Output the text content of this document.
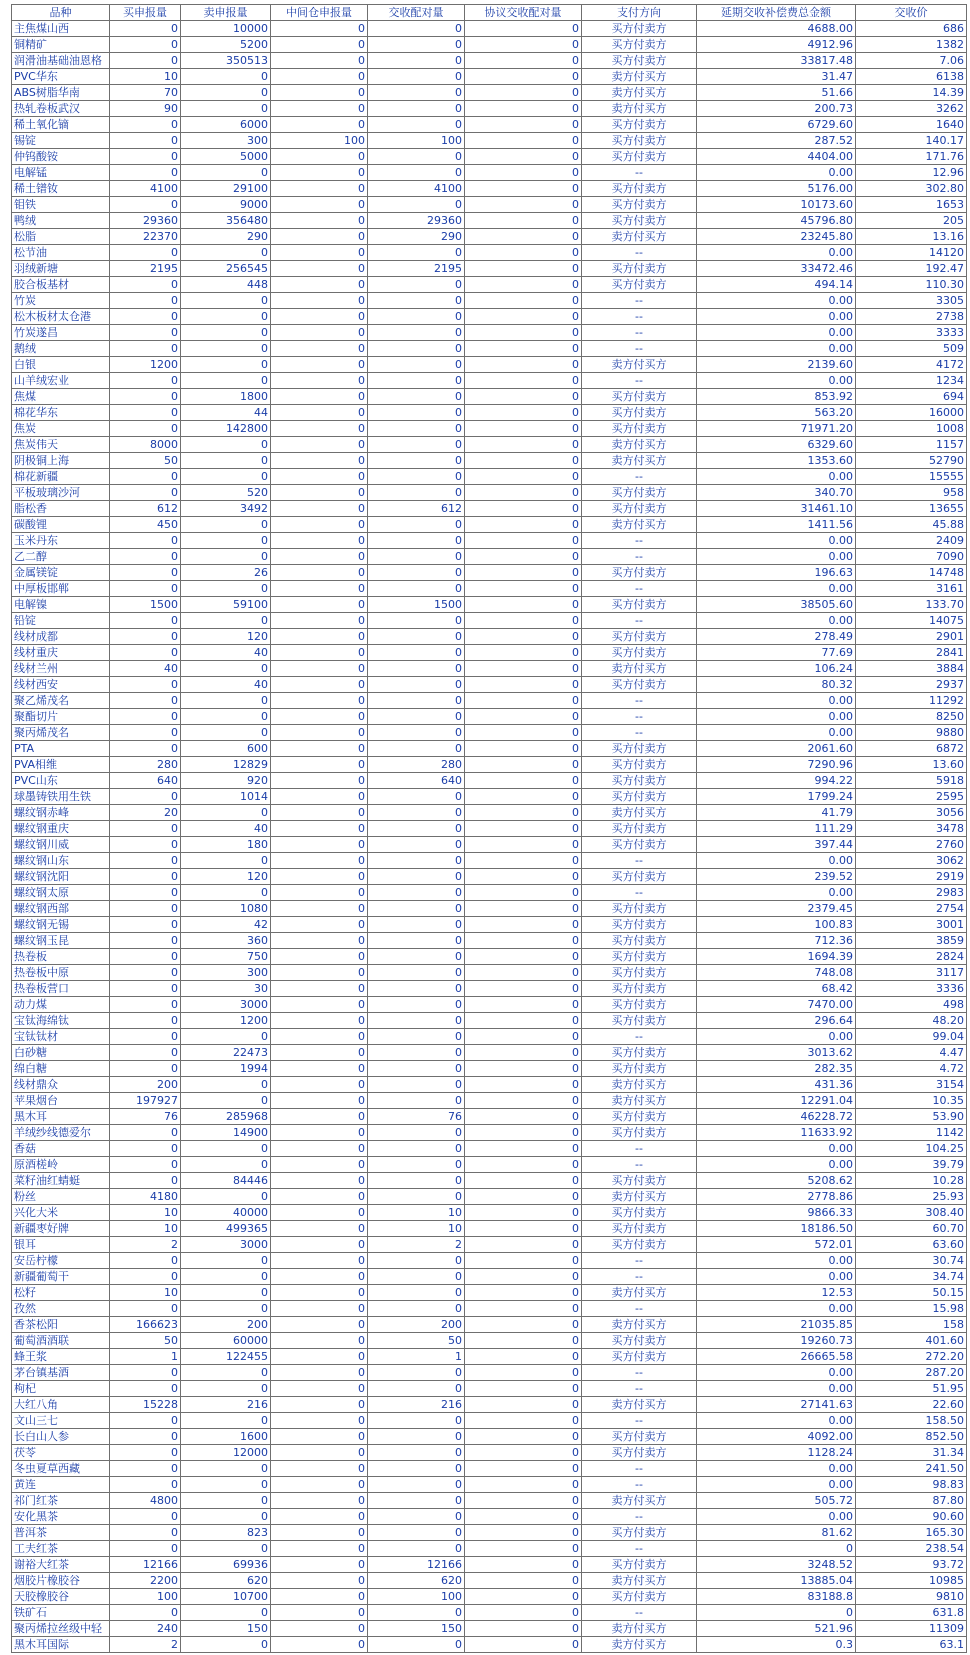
品种	买申报量	卖申报量	中间仓申报量	交收配对量	协议交收配对量	支付方向	延期交收补偿费总金额	交收价
主焦煤山西	0	10000	0	0	0	买方付卖方	4688.00	686
铜精矿	0	5200	0	0	0	买方付卖方	4912.96	1382
润滑油基础油恩格	0	350513	0	0	0	买方付卖方	33817.48	7.06
PVC华东	10	0	0	0	0	卖方付买方	31.47	6138
ABS树脂华南	70	0	0	0	0	卖方付买方	51.66	14.39
热轧卷板武汉	90	0	0	0	0	卖方付买方	200.73	3262
稀土氧化镝	0	6000	0	0	0	买方付卖方	6729.60	1640
锡锭	0	300	100	100	0	买方付卖方	287.52	140.17
仲钨酸铵	0	5000	0	0	0	买方付卖方	4404.00	171.76
电解锰	0	0	0	0	0	--	0.00	12.96
稀土镨钕	4100	29100	0	4100	0	买方付卖方	5176.00	302.80
钼铁	0	9000	0	0	0	买方付卖方	10173.60	1653
鸭绒	29360	356480	0	29360	0	买方付卖方	45796.80	205
松脂	22370	290	0	290	0	卖方付买方	23245.80	13.16
松节油	0	0	0	0	0	--	0.00	14120
羽绒新塘	2195	256545	0	2195	0	买方付卖方	33472.46	192.47
胶合板基材	0	448	0	0	0	买方付卖方	494.14	110.30
竹炭	0	0	0	0	0	--	0.00	3305
松木板材太仓港	0	0	0	0	0	--	0.00	2738
竹炭遂昌	0	0	0	0	0	--	0.00	3333
鹅绒	0	0	0	0	0	--	0.00	509
白银	1200	0	0	0	0	卖方付买方	2139.60	4172
山羊绒宏业	0	0	0	0	0	--	0.00	1234
焦煤	0	1800	0	0	0	买方付卖方	853.92	694
棉花华东	0	44	0	0	0	买方付卖方	563.20	16000
焦炭	0	142800	0	0	0	买方付卖方	71971.20	1008
焦炭伟天	8000	0	0	0	0	卖方付买方	6329.60	1157
阴极铜上海	50	0	0	0	0	卖方付买方	1353.60	52790
棉花新疆	0	0	0	0	0	--	0.00	15555
平板玻璃沙河	0	520	0	0	0	买方付卖方	340.70	958
脂松香	612	3492	0	612	0	买方付卖方	31461.10	13655
碳酸锂	450	0	0	0	0	卖方付买方	1411.56	45.88
玉米丹东	0	0	0	0	0	--	0.00	2409
乙二醇	0	0	0	0	0	--	0.00	7090
金属镁锭	0	26	0	0	0	买方付卖方	196.63	14748
中厚板邯郸	0	0	0	0	0	--	0.00	3161
电解镍	1500	59100	0	1500	0	买方付卖方	38505.60	133.70
铅锭	0	0	0	0	0	--	0.00	14075
线材成都	0	120	0	0	0	买方付卖方	278.49	2901
线材重庆	0	40	0	0	0	买方付卖方	77.69	2841
线材兰州	40	0	0	0	0	卖方付买方	106.24	3884
线材西安	0	40	0	0	0	买方付卖方	80.32	2937
聚乙烯茂名	0	0	0	0	0	--	0.00	11292
聚酯切片	0	0	0	0	0	--	0.00	8250
聚丙烯茂名	0	0	0	0	0	--	0.00	9880
PTA	0	600	0	0	0	买方付卖方	2061.60	6872
PVA相维	280	12829	0	280	0	买方付卖方	7290.96	13.60
PVC山东	640	920	0	640	0	买方付卖方	994.22	5918
球墨铸铁用生铁	0	1014	0	0	0	买方付卖方	1799.24	2595
螺纹钢赤峰	20	0	0	0	0	卖方付买方	41.79	3056
螺纹钢重庆	0	40	0	0	0	买方付卖方	111.29	3478
螺纹钢川威	0	180	0	0	0	买方付卖方	397.44	2760
螺纹钢山东	0	0	0	0	0	--	0.00	3062
螺纹钢沈阳	0	120	0	0	0	买方付卖方	239.52	2919
螺纹钢太原	0	0	0	0	0	--	0.00	2983
螺纹钢西部	0	1080	0	0	0	买方付卖方	2379.45	2754
螺纹钢无锡	0	42	0	0	0	买方付卖方	100.83	3001
螺纹钢玉昆	0	360	0	0	0	买方付卖方	712.36	3859
热卷板	0	750	0	0	0	买方付卖方	1694.39	2824
热卷板中原	0	300	0	0	0	买方付卖方	748.08	3117
热卷板营口	0	30	0	0	0	买方付卖方	68.42	3336
动力煤	0	3000	0	0	0	买方付卖方	7470.00	498
宝钛海绵钛	0	1200	0	0	0	买方付卖方	296.64	48.20
宝钛钛材	0	0	0	0	0	--	0.00	99.04
白砂糖	0	22473	0	0	0	买方付卖方	3013.62	4.47
绵白糖	0	1994	0	0	0	买方付卖方	282.35	4.72
线材鼎众	200	0	0	0	0	卖方付买方	431.36	3154
苹果烟台	197927	0	0	0	0	卖方付买方	12291.04	10.35
黑木耳	76	285968	0	76	0	买方付卖方	46228.72	53.90
羊绒纱线德爱尔	0	14900	0	0	0	买方付卖方	11633.92	1142
香菇	0	0	0	0	0	--	0.00	104.25
原酒槎岭	0	0	0	0	0	--	0.00	39.79
菜籽油红蜻蜓	0	84446	0	0	0	买方付卖方	5208.62	10.28
粉丝	4180	0	0	0	0	卖方付买方	2778.86	25.93
兴化大米	10	40000	0	10	0	买方付卖方	9866.33	308.40
新疆枣好牌	10	499365	0	10	0	买方付卖方	18186.50	60.70
银耳	2	3000	0	2	0	买方付卖方	572.01	63.60
安岳柠檬	0	0	0	0	0	--	0.00	30.74
新疆葡萄干	0	0	0	0	0	--	0.00	34.74
松籽	10	0	0	0	0	卖方付买方	12.53	50.15
孜然	0	0	0	0	0	--	0.00	15.98
香茶松阳	166623	200	0	200	0	卖方付买方	21035.85	158
葡萄酒酒联	50	60000	0	50	0	买方付卖方	19260.73	401.60
蜂王浆	1	122455	0	1	0	买方付卖方	26665.58	272.20
茅台镇基酒	0	0	0	0	0	--	0.00	287.20
枸杞	0	0	0	0	0	--	0.00	51.95
大红八角	15228	216	0	216	0	卖方付买方	27141.63	22.60
文山三七	0	0	0	0	0	--	0.00	158.50
长白山人参	0	1600	0	0	0	买方付卖方	4092.00	852.50
茯苓	0	12000	0	0	0	买方付卖方	1128.24	31.34
冬虫夏草西藏	0	0	0	0	0	--	0.00	241.50
黄连	0	0	0	0	0	--	0.00	98.83
祁门红茶	4800	0	0	0	0	卖方付买方	505.72	87.80
安化黑茶	0	0	0	0	0	--	0.00	90.60
普洱茶	0	823	0	0	0	买方付卖方	81.62	165.30
工夫红茶	0	0	0	0	0	--	0	238.54
谢裕大红茶	12166	69936	0	12166	0	买方付卖方	3248.52	93.72
烟胶片橡胶谷	2200	620	0	620	0	卖方付买方	13885.04	10985
天胶橡胶谷	100	10700	0	100	0	买方付卖方	83188.8	9810
铁矿石	0	0	0	0	0	--	0	631.8
聚丙烯拉丝级中轻	240	150	0	150	0	卖方付买方	521.96	11309
黑木耳国际	2	0	0	0	0	卖方付买方	0.3	63.1
